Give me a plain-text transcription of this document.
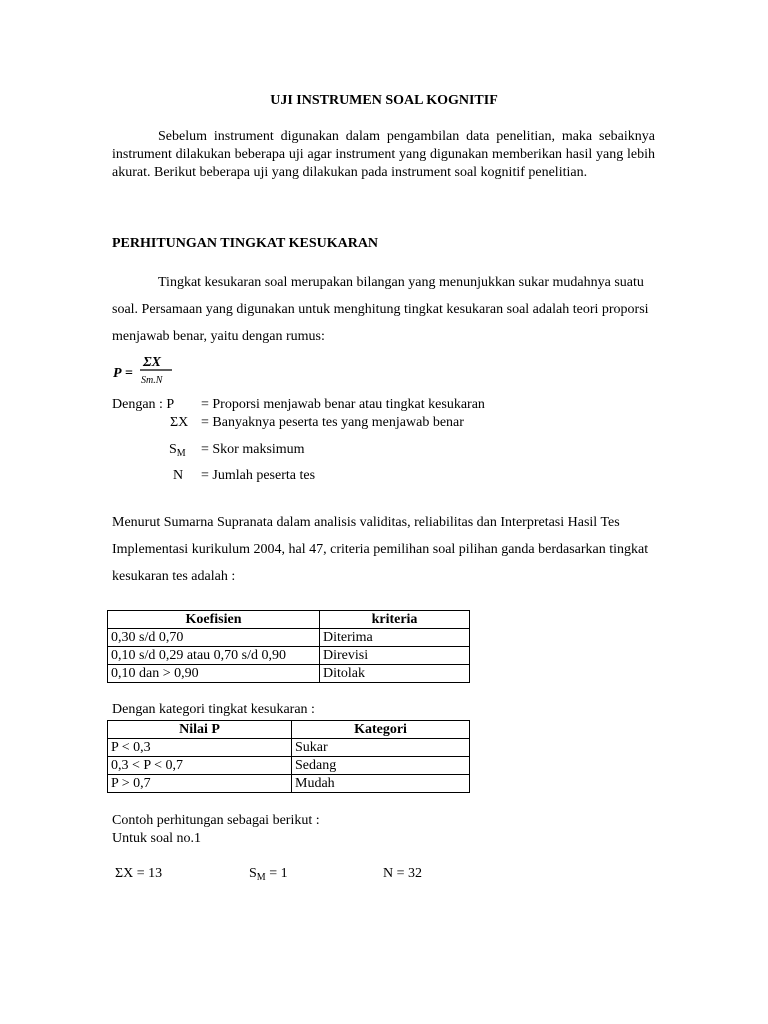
UJI INSTRUMEN SOAL KOGNITIF
Sebelum instrument digunakan dalam pengambilan data penelitian, maka sebaiknya instrument dilakukan beberapa uji agar instrument yang digunakan memberikan hasil yang lebih akurat. Berikut beberapa uji yang dilakukan pada instrument soal kognitif penelitian.
PERHITUNGAN TINGKAT KESUKARAN
Tingkat kesukaran soal merupakan bilangan yang menunjukkan sukar mudahnya suatu soal. Persamaan yang digunakan untuk menghitung tingkat kesukaran soal adalah teori proporsi menjawab benar, yaitu dengan rumus:
P =
ΣX
Sm.N
Dengan : P = Proporsi menjawab benar atau tingkat kesukaran
ΣX = Banyaknya peserta tes yang menjawab benar
$S_M$ = Skor maksimum
N = Jumlah peserta tes
Menurut Sumarna Supranata dalam analisis validitas, reliabilitas dan Interpretasi Hasil Tes Implementasi kurikulum 2004, hal 47, criteria pemilihan soal pilihan ganda berdasarkan tingkat kesukaran tes adalah :
Koefisien	kriteria
0,30 s/d 0,70	Diterima
0,10 s/d 0,29 atau 0,70 s/d 0,90	Direvisi
0,10 dan > 0,90	Ditolak
Dengan kategori tingkat kesukaran :
Nilai P	Kategori
P < 0,3	Sukar
0,3 < P < 0,7	Sedang
P > 0,7	Mudah
Contoh perhitungan sebagai berikut :
Untuk soal no.1
ΣX = 13	$S_M = 1$	N = 32
